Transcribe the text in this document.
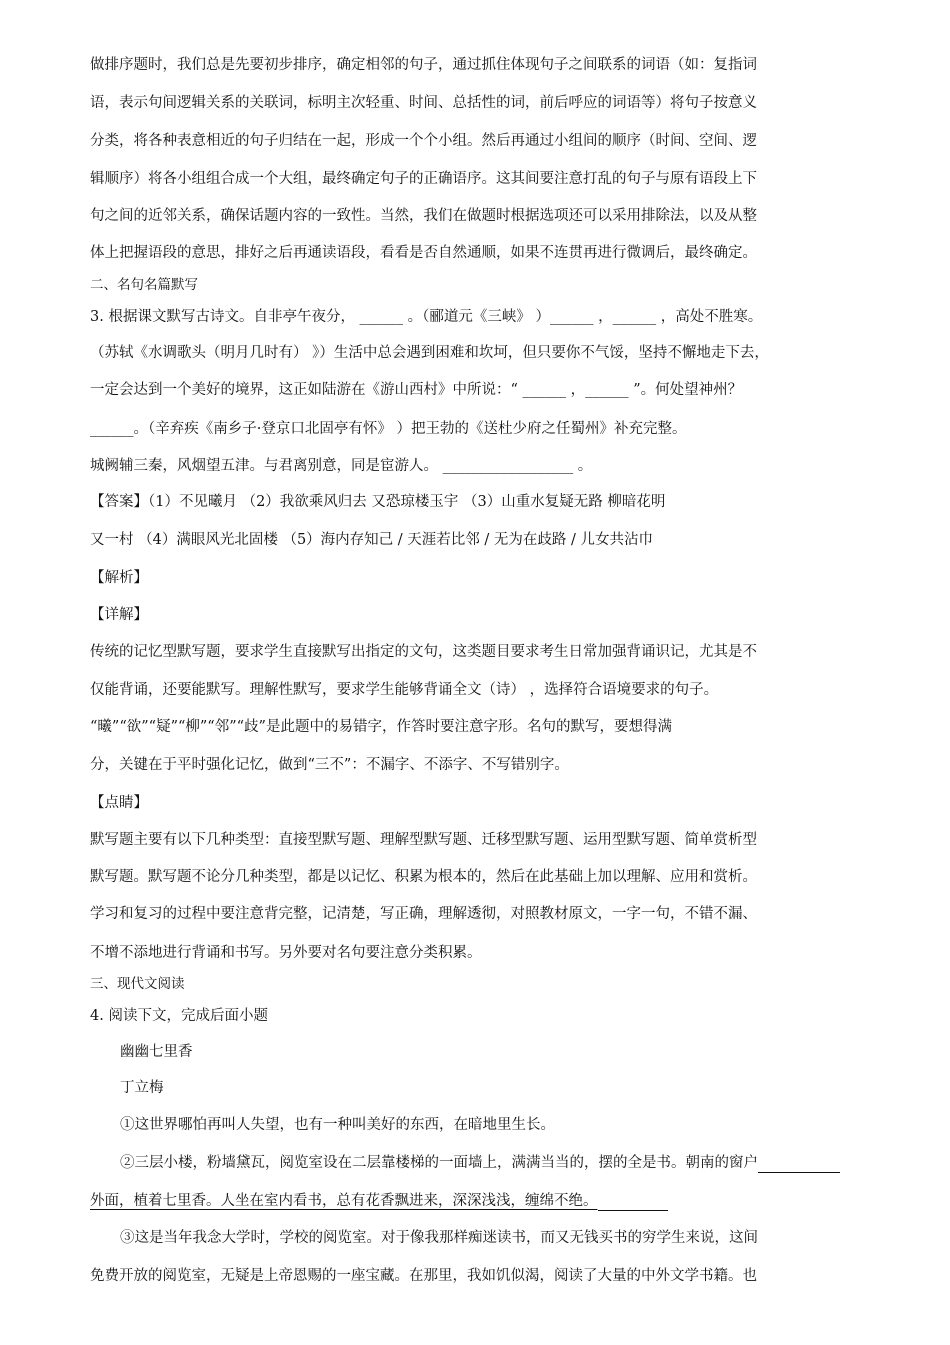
做排序题时，我们总是先要初步排序，确定相邻的句子，通过抓住体现句子之间联系的词语（如：复指词
语，表示句间逻辑关系的关联词，标明主次轻重、时间、总括性的词，前后呼应的词语等）将句子按意义
分类，将各种表意相近的句子归结在一起，形成一个个小组。然后再通过小组间的顺序（时间、空间、逻
辑顺序）将各小组组合成一个大组，最终确定句子的正确语序。这其间要注意打乱的句子与原有语段上下
句之间的近邻关系，确保话题内容的一致性。当然，我们在做题时根据选项还可以采用排除法，以及从整
体上把握语段的意思，排好之后再通读语段，看看是否自然通顺，如果不连贯再进行微调后，最终确定。
二、名句名篇默写
3. 根据课文默写古诗文。自非亭午夜分， ______ 。（郦道元《三峡》 ）______ ，______ ，高处不胜寒。
（苏轼《水调歌头（明月几时有） 》）生活中总会遇到困难和坎坷，但只要你不气馁，坚持不懈地走下去，
一定会达到一个美好的境界，这正如陆游在《游山西村》中所说：“ ______ ，______ ”。何处望神州？
______。（辛弃疾《南乡子·登京口北固亭有怀》 ）把王勃的《送杜少府之任蜀州》补充完整。
城阙辅三秦，风烟望五津。与君离别意，同是宦游人。 __________________ 。
【答案】（1）不见曦月 （2）我欲乘风归去 又恐琼楼玉宇 （3）山重水复疑无路 柳暗花明
又一村 （4）满眼风光北固楼 （5）海内存知己 / 天涯若比邻 / 无为在歧路 / 儿女共沾巾
【解析】
【详解】
传统的记忆型默写题，要求学生直接默写出指定的文句，这类题目要求考生日常加强背诵识记，尤其是不
仅能背诵，还要能默写。理解性默写，要求学生能够背诵全文（诗） ，选择符合语境要求的句子。
“曦”“欲”“疑”“柳”“邻”“歧”是此题中的易错字，作答时要注意字形。名句的默写，要想得满
分，关键在于平时强化记忆，做到“三不”：不漏字、不添字、不写错别字。
【点睛】
默写题主要有以下几种类型：直接型默写题、理解型默写题、迁移型默写题、运用型默写题、简单赏析型
默写题。默写题不论分几种类型，都是以记忆、积累为根本的，然后在此基础上加以理解、应用和赏析。
学习和复习的过程中要注意背完整，记清楚，写正确，理解透彻，对照教材原文，一字一句，不错不漏、
不增不添地进行背诵和书写。另外要对名句要注意分类积累。
三、现代文阅读
4. 阅读下文，完成后面小题
幽幽七里香
丁立梅
①这世界哪怕再叫人失望，也有一种叫美好的东西，在暗地里生长。
②三层小楼，粉墙黛瓦，阅览室设在二层靠楼梯的一面墙上，满满当当的，摆的全是书。朝南的窗户
外面，植着七里香。人坐在室内看书，总有花香飘进来，深深浅浅，缠绵不绝。
③这是当年我念大学时，学校的阅览室。对于像我那样痴迷读书，而又无钱买书的穷学生来说，这间
免费开放的阅览室，无疑是上帝恩赐的一座宝藏。在那里，我如饥似渴，阅读了大量的中外文学书籍。也
